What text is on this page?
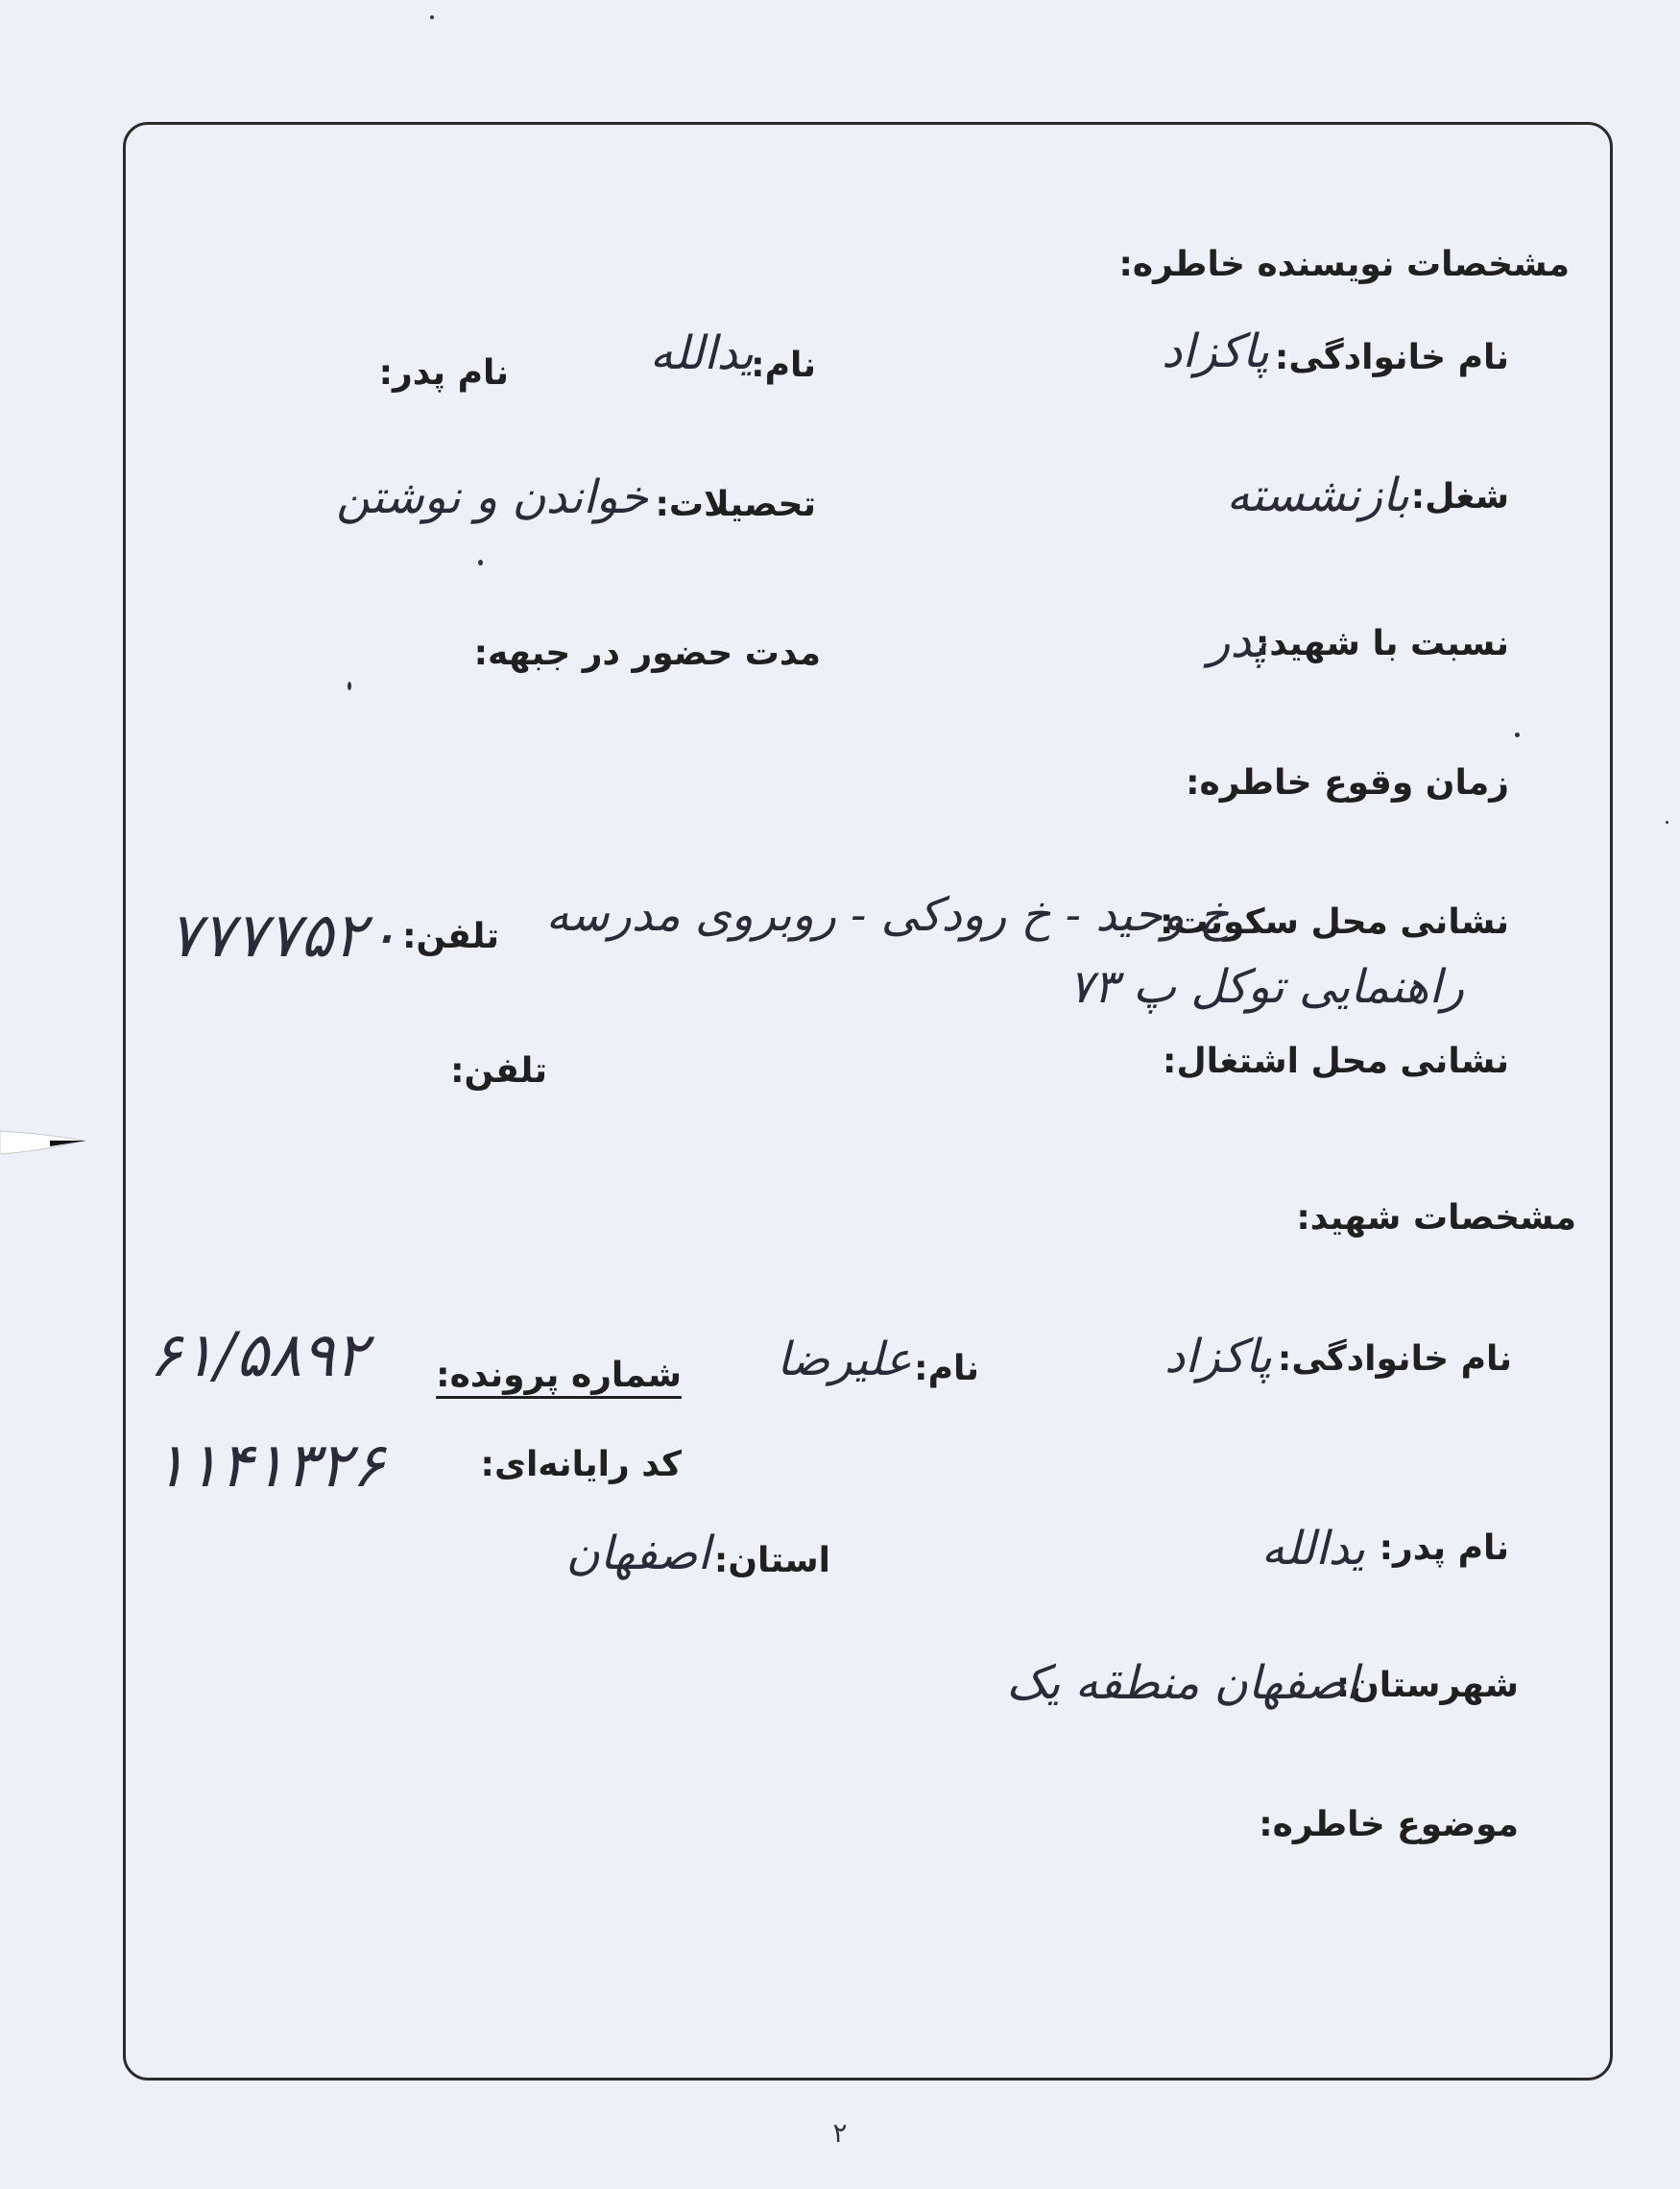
مشخصات نویسنده خاطره:
نام خانوادگی:
پاکزاد
نام:
یدالله
نام پدر:
شغل:
بازنشسته
تحصیلات:
خواندن و نوشتن
نسبت با شهید:
پدر
مدت حضور در جبهه:
زمان وقوع خاطره:
نشانی محل سکونت:
خ وحید - خ رودکی - روبروی مدرسه
راهنمایی توکل پ ۷۳
تلفن:
۷۷۷۷۵۲۰
نشانی محل اشتغال:
تلفن:
مشخصات شهید:
نام خانوادگی:
پاکزاد
نام:
علیرضا
شماره پرونده:
۶۱/۵۸۹۲
کد رایانه‌ای:
۱۱۴۱۳۲۶
نام پدر:
یدالله
استان:
اصفهان
شهرستان:
اصفهان منطقه یک
موضوع خاطره:
۲
